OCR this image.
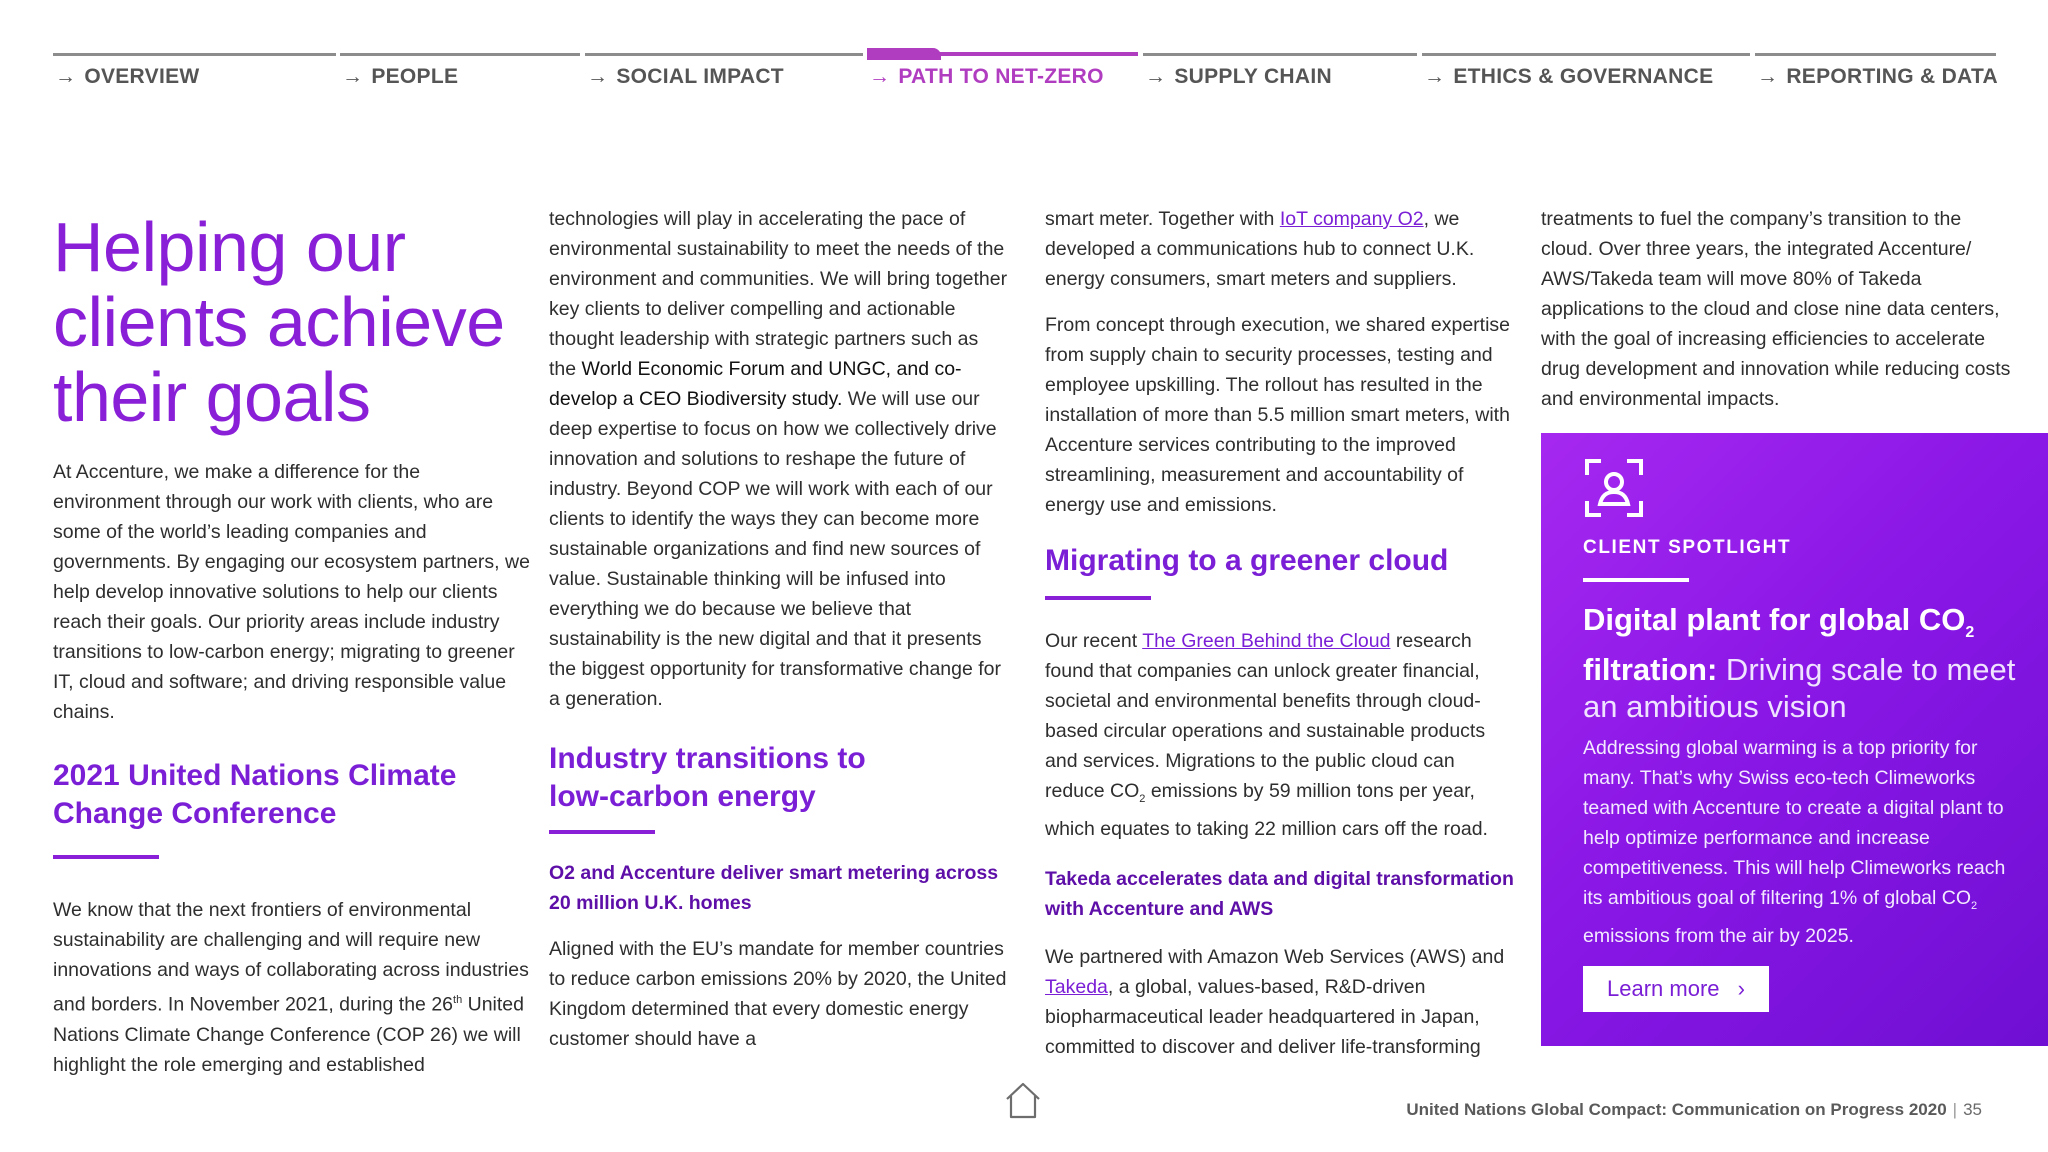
→ OVERVIEW	→ PEOPLE	→ SOCIAL IMPACT	→ PATH TO NET-ZERO → SUPPLY CHAIN	→ ETHICS & GOVERNANCE → REPORTING & DATA
Helping our
clients achieve
their goals

At Accenture, we make a difference for the environment through our work with clients, who are some of the world’s leading companies and governments. By engaging our ecosystem partners, we help develop innovative solutions to help our clients reach their goals. Our priority areas include industry transitions to low-carbon energy; migrating to greener IT, cloud and software; and driving responsible value chains.

2021 United Nations Climate
Change Conference

We know that the next frontiers of environmental sustainability are challenging and will require new innovations and ways of collaborating across industries and borders. In November 2021, during the 26th United Nations Climate Change Conference (COP 26) we will highlight the role emerging and established

technologies will play in accelerating the pace of environmental sustainability to meet the needs of the environment and communities. We will bring together key clients to deliver compelling and actionable thought leadership with strategic partners such as the World Economic Forum and UNGC, and co-develop a CEO Biodiversity study. We will use our deep expertise to focus on how we collectively drive innovation and solutions to reshape the future of industry. Beyond COP we will work with each of our clients to identify the ways they can become more sustainable organizations and find new sources of value. Sustainable thinking will be infused into everything we do because we believe that sustainability is the new digital and that it presents the biggest opportunity for transformative change for a generation.

Industry transitions to
low-carbon energy
O2 and Accenture deliver smart metering across 20 million U.K. homes

Aligned with the EU’s mandate for member countries to reduce carbon emissions 20% by 2020, the United Kingdom determined that every domestic energy customer should have a

smart meter. Together with IoT company O2, we developed a communications hub to connect U.K. energy consumers, smart meters and suppliers.

From concept through execution, we shared expertise from supply chain to security processes, testing and employee upskilling. The rollout has resulted in the installation of more than 5.5 million smart meters, with Accenture services contributing to the improved streamlining, measurement and accountability of energy use and emissions.

Migrating to a greener cloud

Our recent The Green Behind the Cloud research found that companies can unlock greater financial, societal and environmental benefits through cloud-based circular operations and sustainable products and services. Migrations to the public cloud can reduce $CO_2$ emissions by 59 million tons per year, which equates to taking 22 million cars off the road.

Takeda accelerates data and digital transformation with Accenture and AWS

We partnered with Amazon Web Services (AWS) and Takeda, a global, values-based, R&D-driven biopharmaceutical leader headquartered in Japan, committed to discover and deliver life-transforming

treatments to fuel the company’s transition to the cloud. Over three years, the integrated Accenture/ AWS/Takeda team will move 80% of Takeda applications to the cloud and close nine data centers, with the goal of increasing efficiencies to accelerate drug development and innovation while reducing costs and environmental impacts.

CLIENT SPOTLIGHT
Digital plant for global $CO_2$ filtration: Driving scale to meet an ambitious vision
Addressing global warming is a top priority for many. That’s why Swiss eco-tech Climeworks teamed with Accenture to create a digital plant to help optimize performance and increase competitiveness. This will help Climeworks reach its ambitious goal of filtering 1% of global $CO_2$ emissions from the air by 2025.
Learn more ›
United Nations Global Compact: Communication on Progress 2020 | 35
